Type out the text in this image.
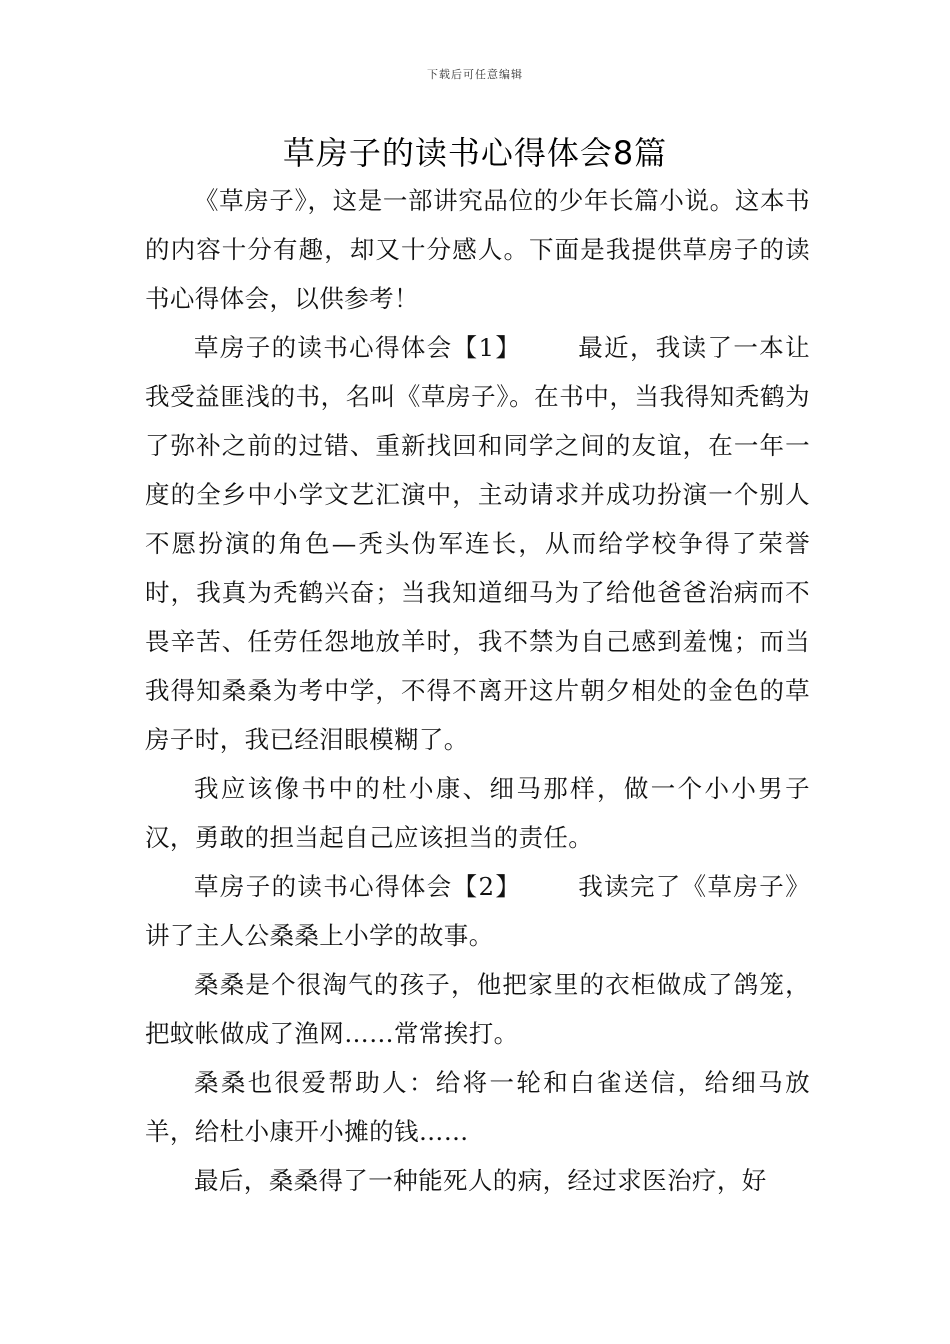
下载后可任意编辑
草房子的读书心得体会8篇

《草房子》，这是一部讲究品位的少年长篇小说。这本书的内容十分有趣，却又十分感人。下面是我提供草房子的读书心得体会，以供参考！

草房子的读书心得体会【1】 最近，我读了一本让我受益匪浅的书，名叫《草房子》。在书中，当我得知秃鹤为了弥补之前的过错、重新找回和同学之间的友谊，在一年一度的全乡中小学文艺汇演中，主动请求并成功扮演一个别人不愿扮演的角色—秃头伪军连长，从而给学校争得了荣誉时，我真为秃鹤兴奋；当我知道细马为了给他爸爸治病而不畏辛苦、任劳任怨地放羊时，我不禁为自己感到羞愧；而当我得知桑桑为考中学，不得不离开这片朝夕相处的金色的草房子时，我已经泪眼模糊了。

我应该像书中的杜小康、细马那样，做一个小小男子汉，勇敢的担当起自己应该担当的责任。

草房子的读书心得体会【2】 我读完了《草房子》讲了主人公桑桑上小学的故事。

桑桑是个很淘气的孩子，他把家里的衣柜做成了鸽笼，把蚊帐做成了渔网……常常挨打。

桑桑也很爱帮助人：给将一轮和白雀送信，给细马放羊，给杜小康开小摊的钱……

最后，桑桑得了一种能死人的病，经过求医治疗，好
